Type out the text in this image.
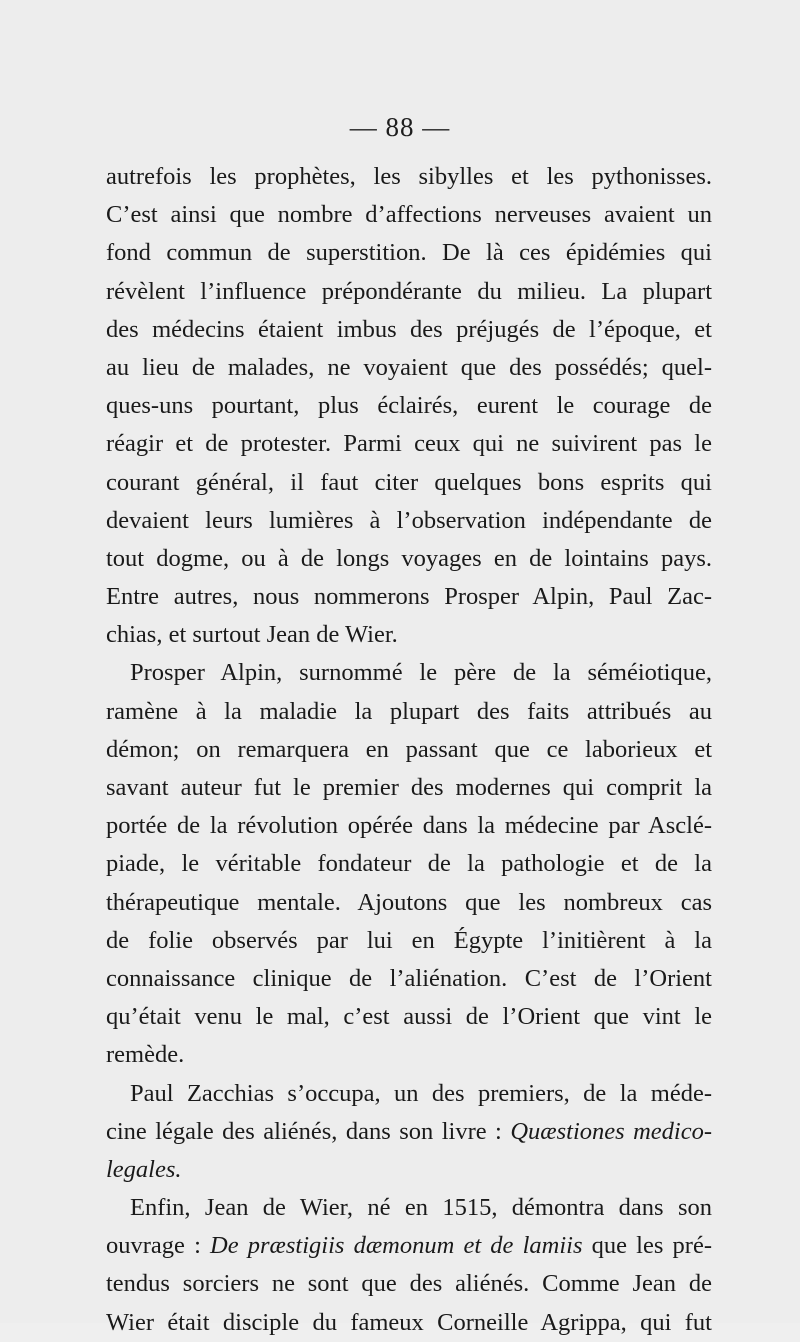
— 88 —
autrefois les prophètes, les sibylles et les pythonisses.
C’est ainsi que nombre d’affections nerveuses avaient un
fond commun de superstition. De là ces épidémies qui
révèlent l’influence prépondérante du milieu. La plupart
des médecins étaient imbus des préjugés de l’époque, et
au lieu de malades, ne voyaient que des possédés; quel-
ques-uns pourtant, plus éclairés, eurent le courage de
réagir et de protester. Parmi ceux qui ne suivirent pas le
courant général, il faut citer quelques bons esprits qui
devaient leurs lumières à l’observation indépendante de
tout dogme, ou à de longs voyages en de lointains pays.
Entre autres, nous nommerons Prosper Alpin, Paul Zac-
chias, et surtout Jean de Wier.
Prosper Alpin, surnommé le père de la séméiotique,
ramène à la maladie la plupart des faits attribués au
démon; on remarquera en passant que ce laborieux et
savant auteur fut le premier des modernes qui comprit la
portée de la révolution opérée dans la médecine par Asclé-
piade, le véritable fondateur de la pathologie et de la
thérapeutique mentale. Ajoutons que les nombreux cas
de folie observés par lui en Égypte l’initièrent à la
connaissance clinique de l’aliénation. C’est de l’Orient
qu’était venu le mal, c’est aussi de l’Orient que vint le
remède.
Paul Zacchias s’occupa, un des premiers, de la méde-
cine légale des aliénés, dans son livre : Quæstiones medico-
legales.
Enfin, Jean de Wier, né en 1515, démontra dans son
ouvrage : De præstigiis dæmonum et de lamiis que les pré-
tendus sorciers ne sont que des aliénés. Comme Jean de
Wier était disciple du fameux Corneille Agrippa, qui fut
